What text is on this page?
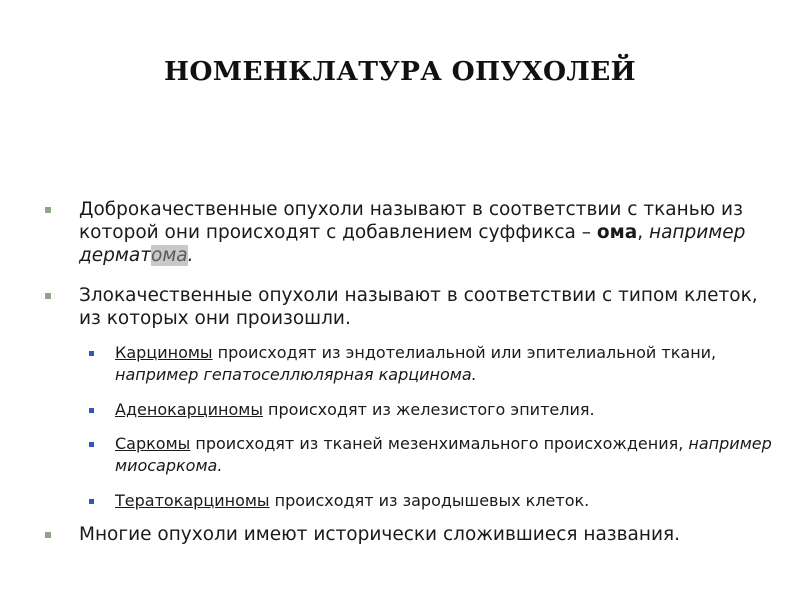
НОМЕНКЛАТУРА ОПУХОЛЕЙ
Доброкачественные опухоли называют в соответствии с тканью из которой они происходят с добавлением суффикса – ома, например дерматома.
Злокачественные опухоли называют в соответствии с типом клеток, из которых они произошли.
Карциномы происходят из эндотелиальной или эпителиальной ткани, например гепатоселлюлярная карцинома.
Аденокарциномы происходят из железистого эпителия.
Саркомы происходят из тканей мезенхимального происхождения, например миосаркома.
Тератокарциномы происходят из зародышевых клеток.
Многие опухоли имеют исторически сложившиеся названия.
